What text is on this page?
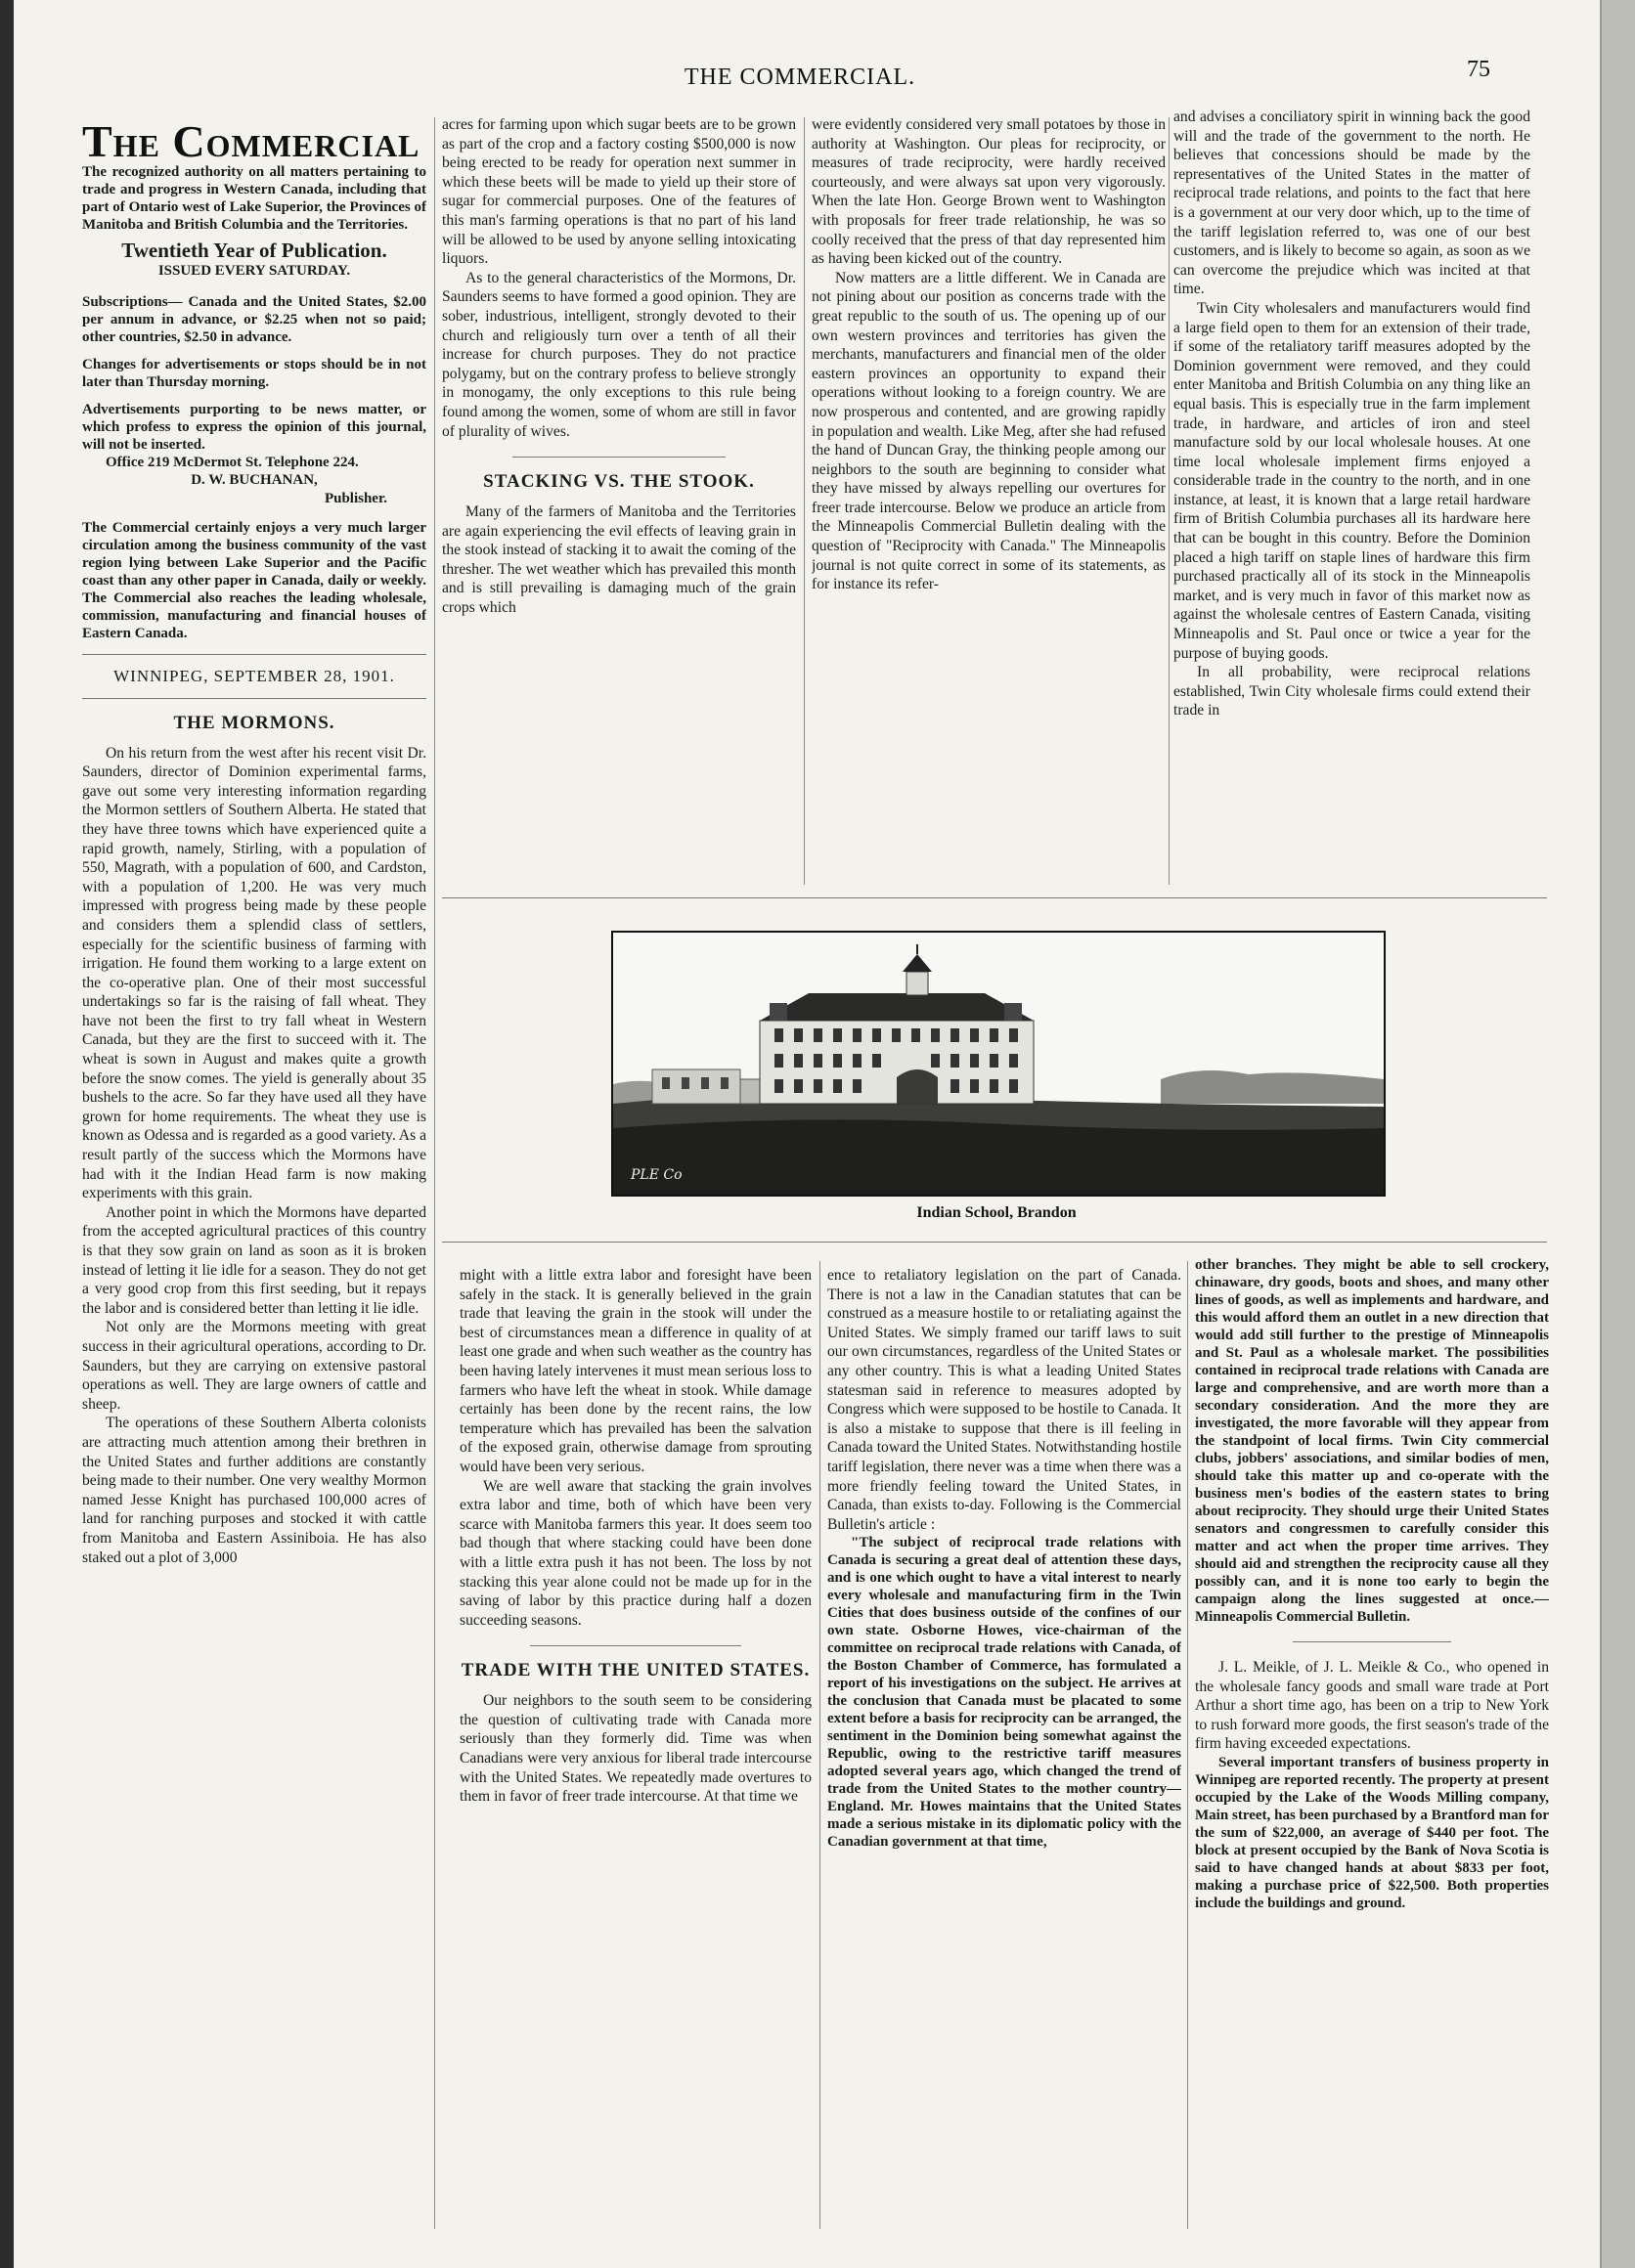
THE COMMERCIAL.	75
The Commercial

The recognized authority on all matters pertaining to trade and progress in Western Canada, including that part of Ontario west of Lake Superior, the Provinces of Manitoba and British Columbia and the Territories.

Twentieth Year of Publication.
ISSUED EVERY SATURDAY.

Subscriptions— Canada and the United States, $2.00 per annum in advance, or $2.25 when not so paid; other countries, $2.50 in advance.

Changes for advertisements or stops should be in not later than Thursday morning.

Advertisements purporting to be news matter, or which profess to express the opinion of this journal, will not be inserted.

Office 219 McDermot St. Telephone 224.

D. W. BUCHANAN,
Publisher.

The Commercial certainly enjoys a very much larger circulation among the business community of the vast region lying between Lake Superior and the Pacific coast than any other paper in Canada, daily or weekly. The Commercial also reaches the leading wholesale, commission, manufacturing and financial houses of Eastern Canada.

WINNIPEG, SEPTEMBER 28, 1901.
THE MORMONS.

On his return from the west after his recent visit Dr. Saunders, director of Dominion experimental farms, gave out some very interesting information regarding the Mormon settlers of Southern Alberta. He stated that they have three towns which have experienced quite a rapid growth, namely, Stirling, with a population of 550, Magrath, with a population of 600, and Cardston, with a population of 1,200. He was very much impressed with progress being made by these people and considers them a splendid class of settlers, especially for the scientific business of farming with irrigation. He found them working to a large extent on the co-operative plan. One of their most successful undertakings so far is the raising of fall wheat. They have not been the first to try fall wheat in Western Canada, but they are the first to succeed with it. The wheat is sown in August and makes quite a growth before the snow comes. The yield is generally about 35 bushels to the acre. So far they have used all they have grown for home requirements. The wheat they use is known as Odessa and is regarded as a good variety. As a result partly of the success which the Mormons have had with it the Indian Head farm is now making experiments with this grain.

Another point in which the Mormons have departed from the accepted agricultural practices of this country is that they sow grain on land as soon as it is broken instead of letting it lie idle for a season. They do not get a very good crop from this first seeding, but it repays the labor and is considered better than letting it lie idle.

Not only are the Mormons meeting with great success in their agricultural operations, according to Dr. Saunders, but they are carrying on extensive pastoral operations as well. They are large owners of cattle and sheep.

The operations of these Southern Alberta colonists are attracting much attention among their brethren in the United States and further additions are constantly being made to their number. One very wealthy Mormon named Jesse Knight has purchased 100,000 acres of land for ranching purposes and stocked it with cattle from Manitoba and Eastern Assiniboia. He has also staked out a plot of 3,000

acres for farming upon which sugar beets are to be grown as part of the crop and a factory costing $500,000 is now being erected to be ready for operation next summer in which these beets will be made to yield up their store of sugar for commercial purposes. One of the features of this man's farming operations is that no part of his land will be allowed to be used by anyone selling intoxicating liquors.

As to the general characteristics of the Mormons, Dr. Saunders seems to have formed a good opinion. They are sober, industrious, intelligent, strongly devoted to their church and religiously turn over a tenth of all their increase for church purposes. They do not practice polygamy, but on the contrary profess to believe strongly in monogamy, the only exceptions to this rule being found among the women, some of whom are still in favor of plurality of wives.

STACKING VS. THE STOOK.

Many of the farmers of Manitoba and the Territories are again experiencing the evil effects of leaving grain in the stook instead of stacking it to await the coming of the thresher. The wet weather which has prevailed this month and is still prevailing is damaging much of the grain crops which

were evidently considered very small potatoes by those in authority at Washington. Our pleas for reciprocity, or measures of trade reciprocity, were hardly received courteously, and were always sat upon very vigorously. When the late Hon. George Brown went to Washington with proposals for freer trade relationship, he was so coolly received that the press of that day represented him as having been kicked out of the country.

Now matters are a little different. We in Canada are not pining about our position as concerns trade with the great republic to the south of us. The opening up of our own western provinces and territories has given the merchants, manufacturers and financial men of the older eastern provinces an opportunity to expand their operations without looking to a foreign country. We are now prosperous and contented, and are growing rapidly in population and wealth. Like Meg, after she had refused the hand of Duncan Gray, the thinking people among our neighbors to the south are beginning to consider what they have missed by always repelling our overtures for freer trade intercourse. Below we produce an article from the Minneapolis Commercial Bulletin dealing with the question of "Reciprocity with Canada." The Minneapolis journal is not quite correct in some of its statements, as for instance its refer-

and advises a conciliatory spirit in winning back the good will and the trade of the government to the north. He believes that concessions should be made by the representatives of the United States in the matter of reciprocal trade relations, and points to the fact that here is a government at our very door which, up to the time of the tariff legislation referred to, was one of our best customers, and is likely to become so again, as soon as we can overcome the prejudice which was incited at that time.

Twin City wholesalers and manufacturers would find a large field open to them for an extension of their trade, if some of the retaliatory tariff measures adopted by the Dominion government were removed, and they could enter Manitoba and British Columbia on any thing like an equal basis. This is especially true in the farm implement trade, in hardware, and articles of iron and steel manufacture sold by our local wholesale houses. At one time local wholesale implement firms enjoyed a considerable trade in the country to the north, and in one instance, at least, it is known that a large retail hardware firm of British Columbia purchases all its hardware here that can be bought in this country. Before the Dominion placed a high tariff on staple lines of hardware this firm purchased practically all of its stock in the Minneapolis market, and is very much in favor of this market now as against the wholesale centres of Eastern Canada, visiting Minneapolis and St. Paul once or twice a year for the purpose of buying goods.

In all probability, were reciprocal relations established, Twin City wholesale firms could extend their trade in

PLE Co
Indian School, Brandon

might with a little extra labor and foresight have been safely in the stack. It is generally believed in the grain trade that leaving the grain in the stook will under the best of circumstances mean a difference in quality of at least one grade and when such weather as the country has been having lately intervenes it must mean serious loss to farmers who have left the wheat in stook. While damage certainly has been done by the recent rains, the low temperature which has prevailed has been the salvation of the exposed grain, otherwise damage from sprouting would have been very serious.

We are well aware that stacking the grain involves extra labor and time, both of which have been very scarce with Manitoba farmers this year. It does seem too bad though that where stacking could have been done with a little extra push it has not been. The loss by not stacking this year alone could not be made up for in the saving of labor by this practice during half a dozen succeeding seasons.

TRADE WITH THE UNITED STATES.

Our neighbors to the south seem to be considering the question of cultivating trade with Canada more seriously than they formerly did. Time was when Canadians were very anxious for liberal trade intercourse with the United States. We repeatedly made overtures to them in favor of freer trade intercourse. At that time we

ence to retaliatory legislation on the part of Canada. There is not a law in the Canadian statutes that can be construed as a measure hostile to or retaliating against the United States. We simply framed our tariff laws to suit our own circumstances, regardless of the United States or any other country. This is what a leading United States statesman said in reference to measures adopted by Congress which were supposed to be hostile to Canada. It is also a mistake to suppose that there is ill feeling in Canada toward the United States. Notwithstanding hostile tariff legislation, there never was a time when there was a more friendly feeling toward the United States, in Canada, than exists to-day. Following is the Commercial Bulletin's article :

"The subject of reciprocal trade relations with Canada is securing a great deal of attention these days, and is one which ought to have a vital interest to nearly every wholesale and manufacturing firm in the Twin Cities that does business outside of the confines of our own state. Osborne Howes, vice-chairman of the committee on reciprocal trade relations with Canada, of the Boston Chamber of Commerce, has formulated a report of his investigations on the subject. He arrives at the conclusion that Canada must be placated to some extent before a basis for reciprocity can be arranged, the sentiment in the Dominion being somewhat against the Republic, owing to the restrictive tariff measures adopted several years ago, which changed the trend of trade from the United States to the mother country—England. Mr. Howes maintains that the United States made a serious mistake in its diplomatic policy with the Canadian government at that time,

other branches. They might be able to sell crockery, chinaware, dry goods, boots and shoes, and many other lines of goods, as well as implements and hardware, and this would afford them an outlet in a new direction that would add still further to the prestige of Minneapolis and St. Paul as a wholesale market. The possibilities contained in reciprocal trade relations with Canada are large and comprehensive, and are worth more than a secondary consideration. And the more they are investigated, the more favorable will they appear from the standpoint of local firms. Twin City commercial clubs, jobbers' associations, and similar bodies of men, should take this matter up and co-operate with the business men's bodies of the eastern states to bring about reciprocity. They should urge their United States senators and congressmen to carefully consider this matter and act when the proper time arrives. They should aid and strengthen the reciprocity cause all they possibly can, and it is none too early to begin the campaign along the lines suggested at once.—Minneapolis Commercial Bulletin.

J. L. Meikle, of J. L. Meikle & Co., who opened in the wholesale fancy goods and small ware trade at Port Arthur a short time ago, has been on a trip to New York to rush forward more goods, the first season's trade of the firm having exceeded expectations.

Several important transfers of business property in Winnipeg are reported recently. The property at present occupied by the Lake of the Woods Milling company, Main street, has been purchased by a Brantford man for the sum of $22,000, an average of $440 per foot. The block at present occupied by the Bank of Nova Scotia is said to have changed hands at about $833 per foot, making a purchase price of $22,500. Both properties include the buildings and ground.
